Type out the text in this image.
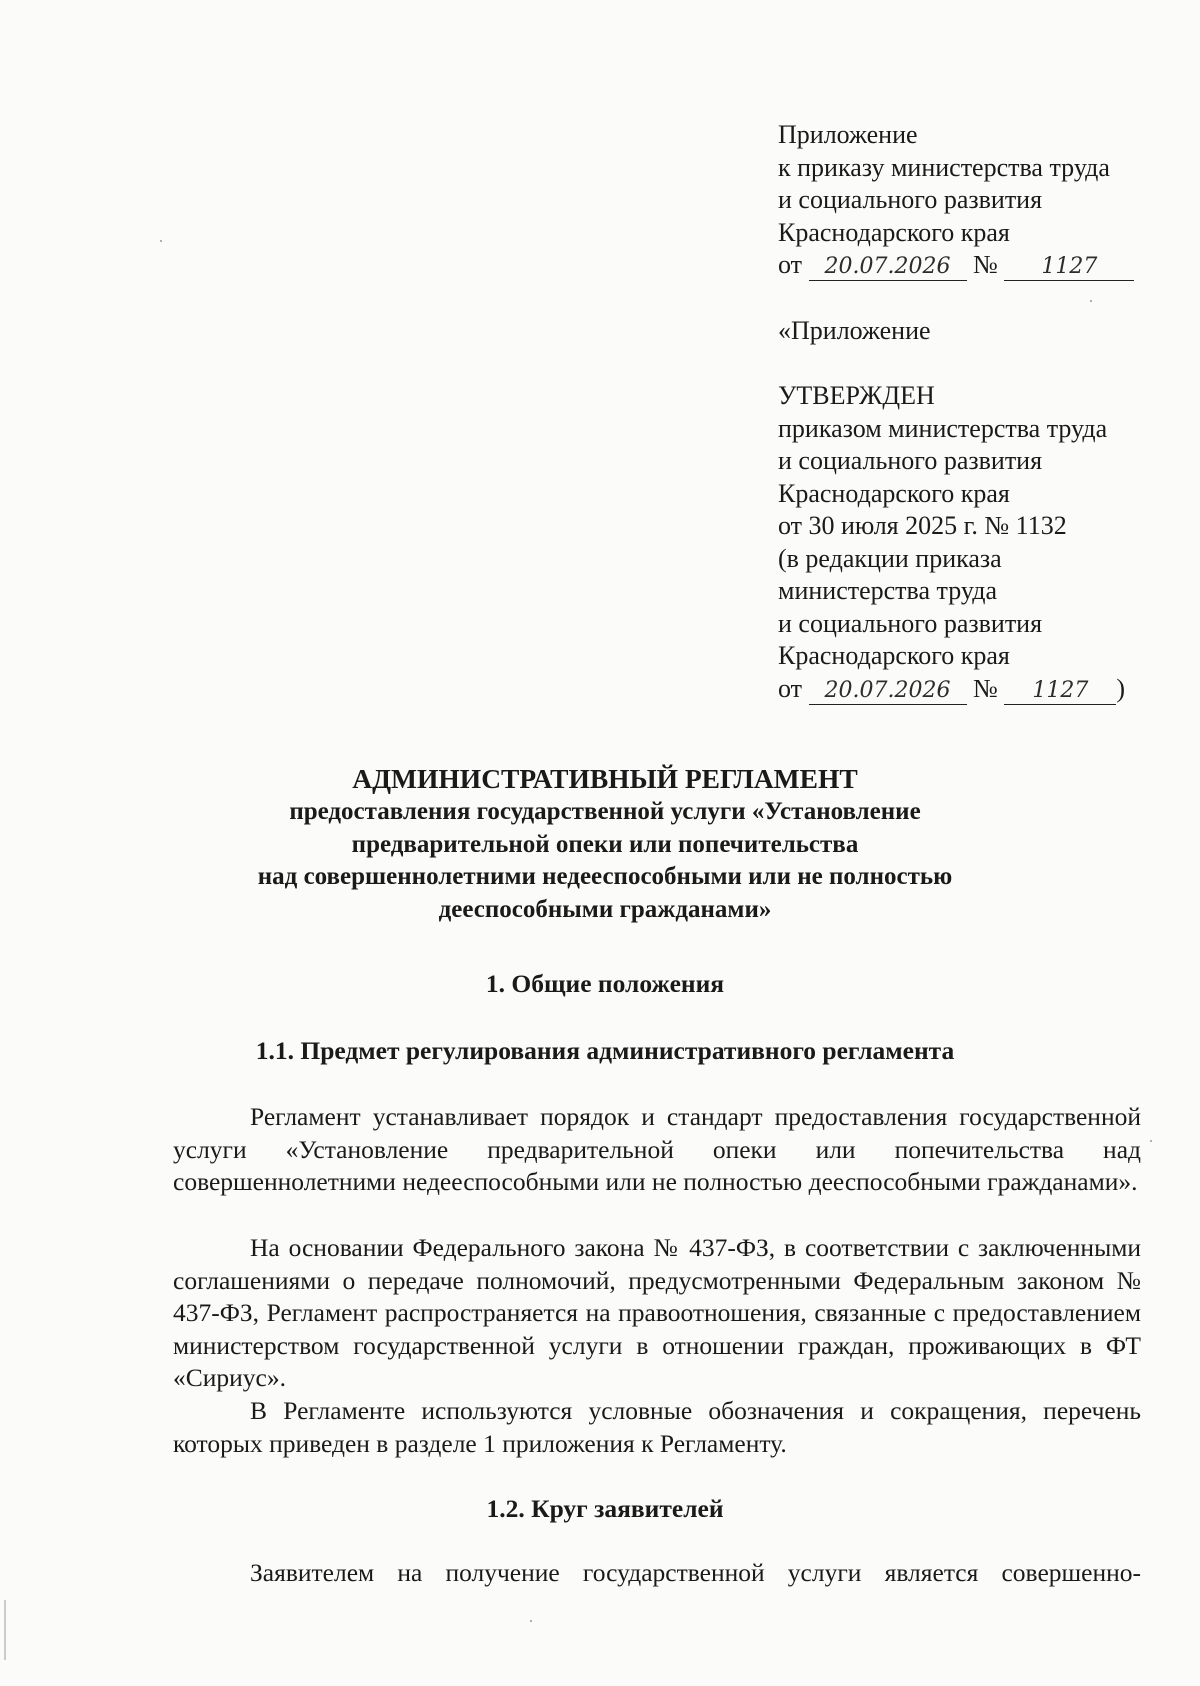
Приложение
к приказу министерства труда
и социального развития
Краснодарского края
от 20.07.2026 № 1127
«Приложение
УТВЕРЖДЕН
приказом министерства труда
и социального развития
Краснодарского края
от 30 июля 2025 г. № 1132
(в редакции приказа
министерства труда
и социального развития
Краснодарского края
от 20.07.2026 № 1127 )
АДМИНИСТРАТИВНЫЙ РЕГЛАМЕНТ
предоставления государственной услуги «Установление
предварительной опеки или попечительства
над совершеннолетними недееспособными или не полностью
дееспособными гражданами»
1. Общие положения
1.1. Предмет регулирования административного регламента
Регламент устанавливает порядок и стандарт предоставления государственной услуги «Установление предварительной опеки или попечительства над совершеннолетними недееспособными или не полностью дееспособными гражданами».
На основании Федерального закона № 437-ФЗ, в соответствии с заключенными соглашениями о передаче полномочий, предусмотренными Федеральным законом № 437-ФЗ, Регламент распространяется на правоотношения, связанные с предоставлением министерством государственной услуги в отношении граждан, проживающих в ФТ «Сириус».
В Регламенте используются условные обозначения и сокращения, перечень которых приведен в разделе 1 приложения к Регламенту.
1.2. Круг заявителей
Заявителем на получение государственной услуги является совершенно-
